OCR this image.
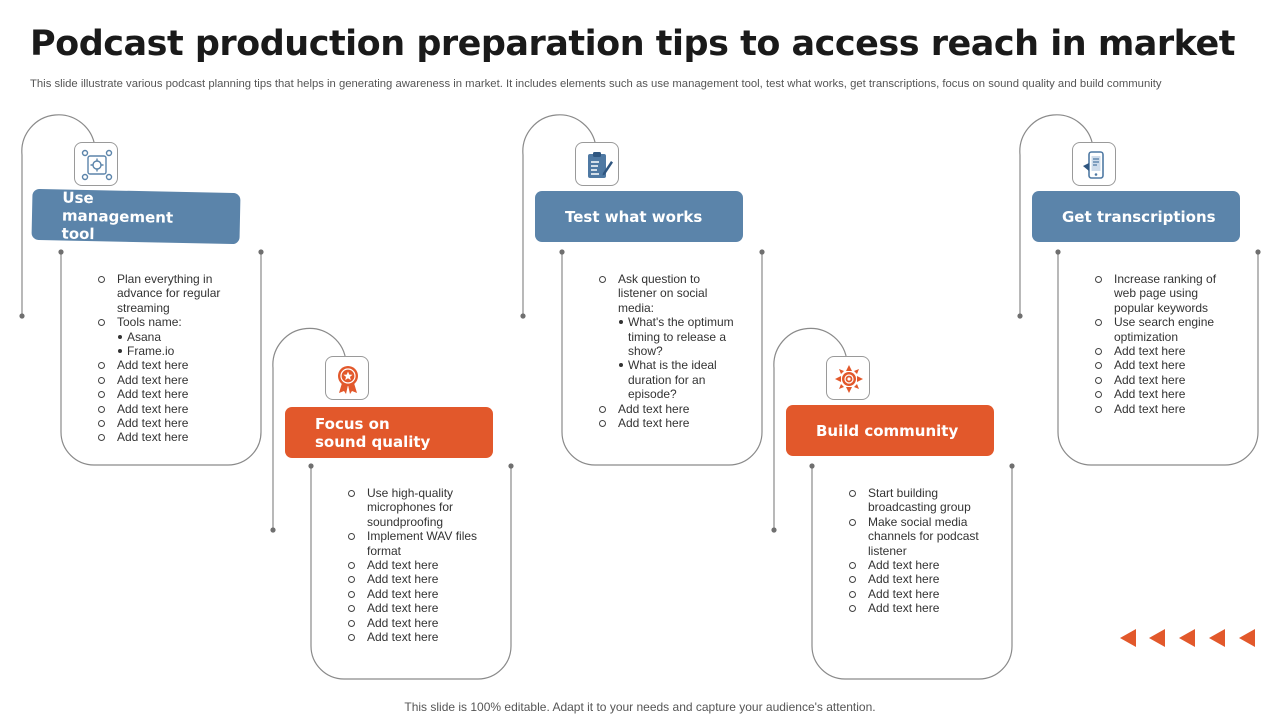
Podcast production preparation tips to access reach in market
This slide illustrate various podcast planning tips that helps in generating awareness in market. It includes elements such as use management tool, test what works, get transcriptions, focus on sound quality and build community
Use management tool
Plan everything in advance for regular streaming
Tools name:
Asana
Frame.io
Add text here
Add text here
Add text here
Add text here
Add text here
Add text here
Focus on sound quality
Use high-quality microphones for soundproofing
Implement WAV files format
Add text here
Add text here
Add text here
Add text here
Add text here
Add text here
Test what works
Ask question to listener on social media:
What's the optimum timing to release a show?
What is the ideal duration for an episode?
Add text here
Add text here	Build community
Start building broadcasting group
Make social media channels for podcast listener
Add text here
Add text here
Add text here
Add text here
Get transcriptions
Increase ranking of web page using popular keywords
Use search engine optimization
Add text here
Add text here
Add text here
Add text here
Add text here
This slide is 100% editable. Adapt it to your needs and capture your audience's attention.
